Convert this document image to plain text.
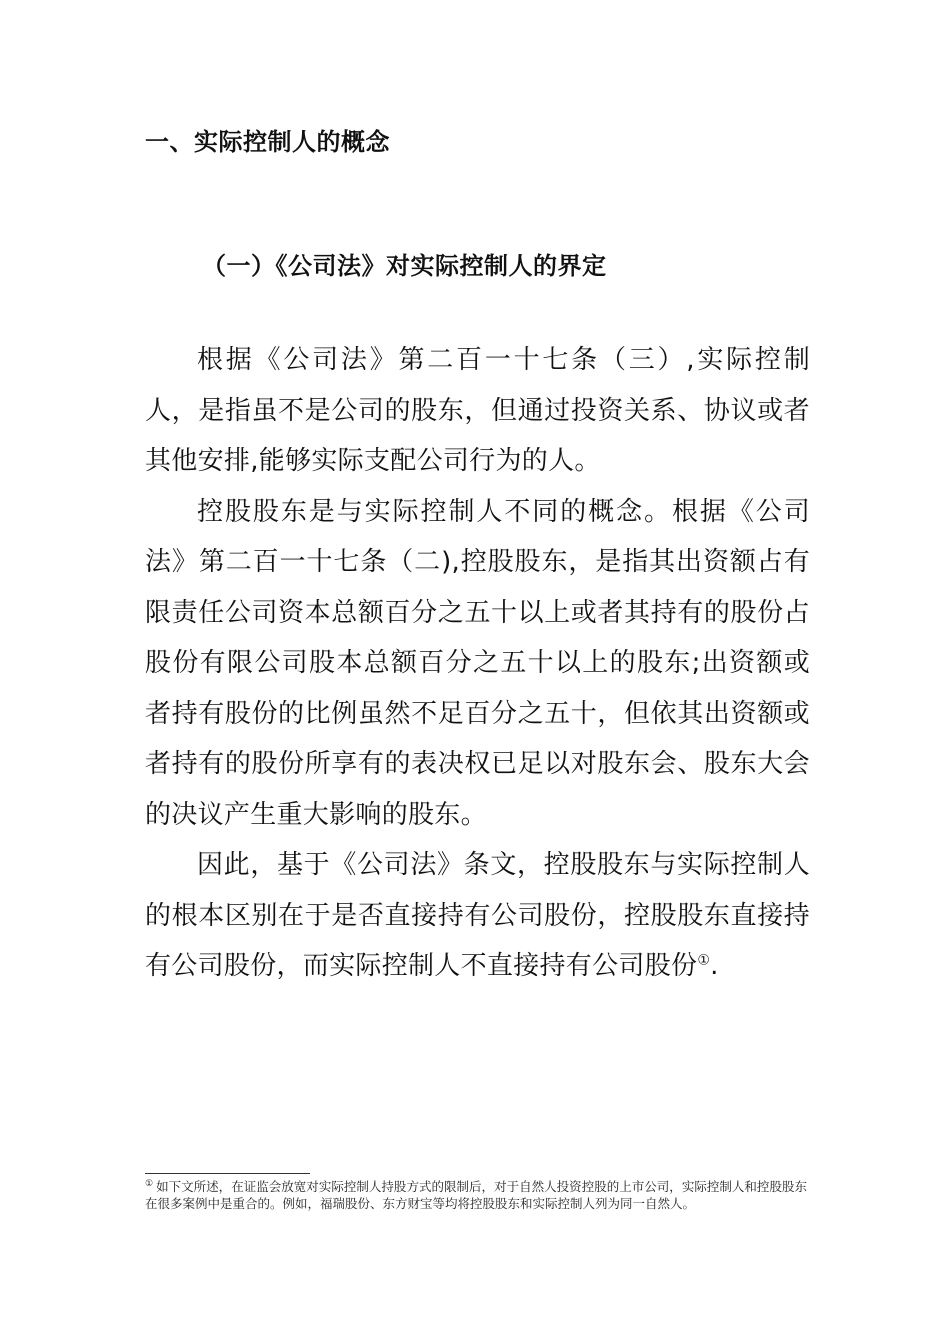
一、实际控制人的概念
（一）《公司法》对实际控制人的界定

根据《公司法》第二百一十七条（三）,实际控制人，是指虽不是公司的股东，但通过投资关系、协议或者其他安排,能够实际支配公司行为的人。

控股股东是与实际控制人不同的概念。根据《公司法》第二百一十七条（二),控股股东，是指其出资额占有限责任公司资本总额百分之五十以上或者其持有的股份占股份有限公司股本总额百分之五十以上的股东;出资额或者持有股份的比例虽然不足百分之五十，但依其出资额或者持有的股份所享有的表决权已足以对股东会、股东大会的决议产生重大影响的股东。

因此，基于《公司法》条文，控股股东与实际控制人的根本区别在于是否直接持有公司股份，控股股东直接持有公司股份，而实际控制人不直接持有公司股份①.

① 如下文所述，在证监会放宽对实际控制人持股方式的限制后，对于自然人投资控股的上市公司，实际控制人和控股股东在很多案例中是重合的。例如，福瑞股份、东方财宝等均将控股股东和实际控制人列为同一自然人。
